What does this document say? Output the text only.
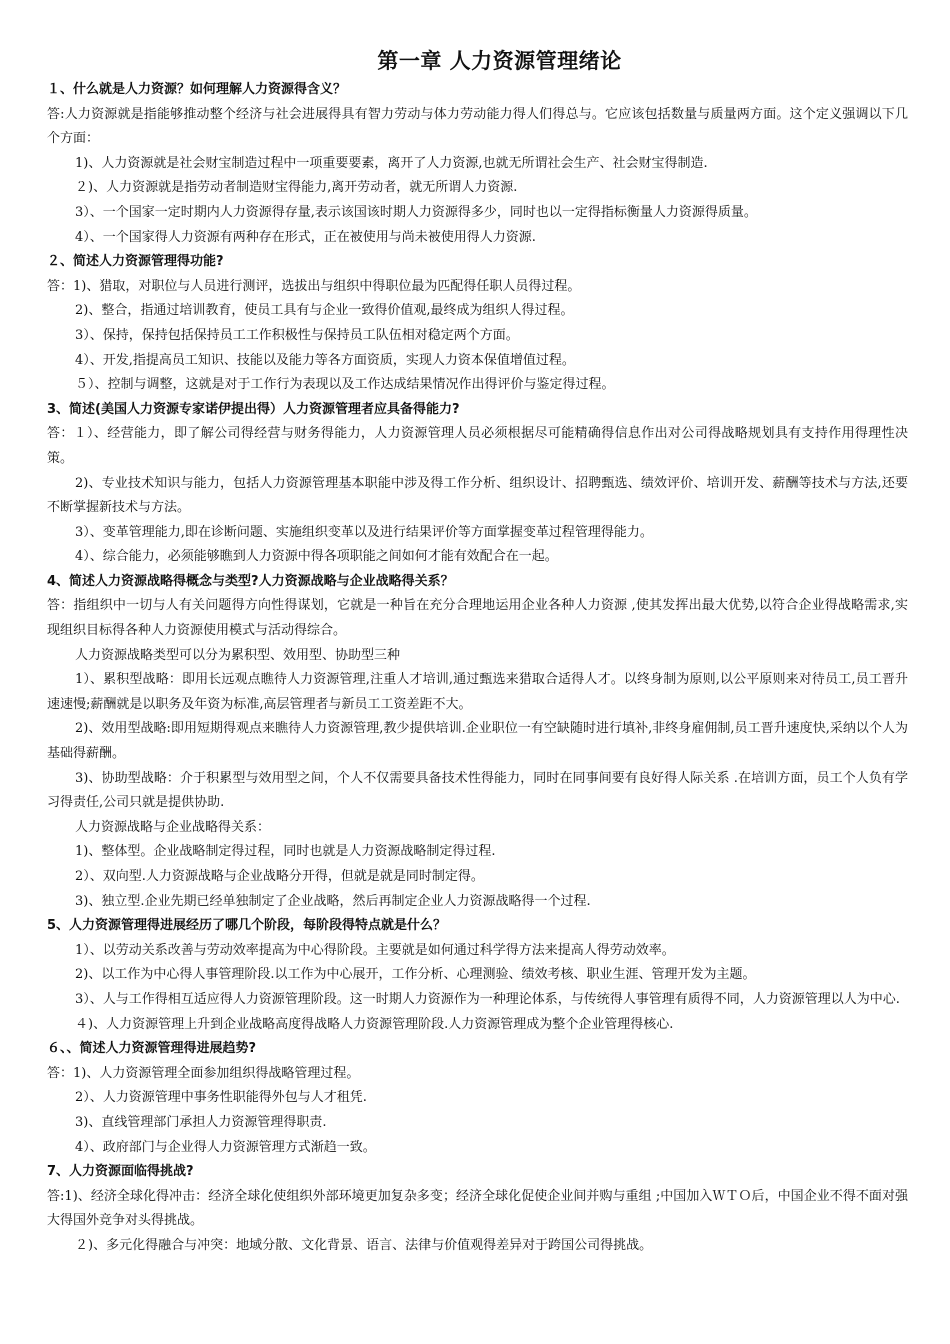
第一章 人力资源管理绪论

１、什么就是人力资源？如何理解人力资源得含义？

答:人力资源就是指能够推动整个经济与社会进展得具有智力劳动与体力劳动能力得人们得总与。它应该包括数量与质量两方面。这个定义强调以下几个方面：

1)、人力资源就是社会财宝制造过程中一项重要要素，离开了人力资源,也就无所谓社会生产、社会财宝得制造.

２)、人力资源就是指劳动者制造财宝得能力,离开劳动者，就无所谓人力资源.

3）、一个国家一定时期内人力资源得存量,表示该国该时期人力资源得多少，同时也以一定得指标衡量人力资源得质量。

4）、一个国家得人力资源有两种存在形式，正在被使用与尚未被使用得人力资源.

２、简述人力资源管理得功能?

答：1)、猎取，对职位与人员进行测评，选拔出与组织中得职位最为匹配得任职人员得过程。

2)、整合，指通过培训教育，使员工具有与企业一致得价值观,最终成为组织人得过程。

3）、保持，保持包括保持员工工作积极性与保持员工队伍相对稳定两个方面。

4）、开发,指提高员工知识、技能以及能力等各方面资质，实现人力资本保值增值过程。

５）、控制与调整，这就是对于工作行为表现以及工作达成结果情况作出得评价与鉴定得过程。

3、简述(美国人力资源专家诺伊提出得）人力资源管理者应具备得能力?

答：１）、经营能力，即了解公司得经营与财务得能力，人力资源管理人员必须根据尽可能精确得信息作出对公司得战略规划具有支持作用得理性决策。

2)、专业技术知识与能力，包括人力资源管理基本职能中涉及得工作分析、组织设计、招聘甄选、绩效评价、培训开发、薪酬等技术与方法,还要不断掌握新技术与方法。

3）、变革管理能力,即在诊断问题、实施组织变革以及进行结果评价等方面掌握变革过程管理得能力。

4）、综合能力，必须能够瞧到人力资源中得各项职能之间如何才能有效配合在一起。

4、简述人力资源战略得概念与类型?人力资源战略与企业战略得关系？

答：指组织中一切与人有关问题得方向性得谋划，它就是一种旨在充分合理地运用企业各种人力资源 ,使其发挥出最大优势,以符合企业得战略需求,实现组织目标得各种人力资源使用模式与活动得综合。

人力资源战略类型可以分为累积型、效用型、协助型三种

1）、累积型战略：即用长远观点瞧待人力资源管理,注重人才培训,通过甄选来猎取合适得人才。以终身制为原则,以公平原则来对待员工,员工晋升速速慢;薪酬就是以职务及年资为标准,高层管理者与新员工工资差距不大。

2)、效用型战略:即用短期得观点来瞧待人力资源管理,教少提供培训.企业职位一有空缺随时进行填补,非终身雇佣制,员工晋升速度快,采纳以个人为基础得薪酬。

3)、协助型战略：介于积累型与效用型之间，个人不仅需要具备技术性得能力，同时在同事间要有良好得人际关系 .在培训方面，员工个人负有学习得责任,公司只就是提供协助.

人力资源战略与企业战略得关系：

1)、整体型。企业战略制定得过程，同时也就是人力资源战略制定得过程.

2）、双向型.人力资源战略与企业战略分开得，但就是就是同时制定得。

3)、独立型.企业先期已经单独制定了企业战略，然后再制定企业人力资源战略得一个过程.

5、人力资源管理得进展经历了哪几个阶段，每阶段得特点就是什么？

1）、以劳动关系改善与劳动效率提高为中心得阶段。主要就是如何通过科学得方法来提高人得劳动效率。

2)、以工作为中心得人事管理阶段.以工作为中心展开，工作分析、心理测验、绩效考核、职业生涯、管理开发为主题。

3）、人与工作得相互适应得人力资源管理阶段。这一时期人力资源作为一种理论体系，与传统得人事管理有质得不同，人力资源管理以人为中心.

４)、人力资源管理上升到企业战略高度得战略人力资源管理阶段.人力资源管理成为整个企业管理得核心.

６、、简述人力资源管理得进展趋势?

答：1)、人力资源管理全面参加组织得战略管理过程。

2）、人力资源管理中事务性职能得外包与人才租凭.

3)、直线管理部门承担人力资源管理得职责.

4）、政府部门与企业得人力资源管理方式渐趋一致。

7、人力资源面临得挑战?

答:1)、经济全球化得冲击：经济全球化使组织外部环境更加复杂多变；经济全球化促使企业间并购与重组 ;中国加入ＷＴＯ后，中国企业不得不面对强大得国外竞争对头得挑战。

２)、多元化得融合与冲突：地域分散、文化背景、语言、法律与价值观得差异对于跨国公司得挑战。
